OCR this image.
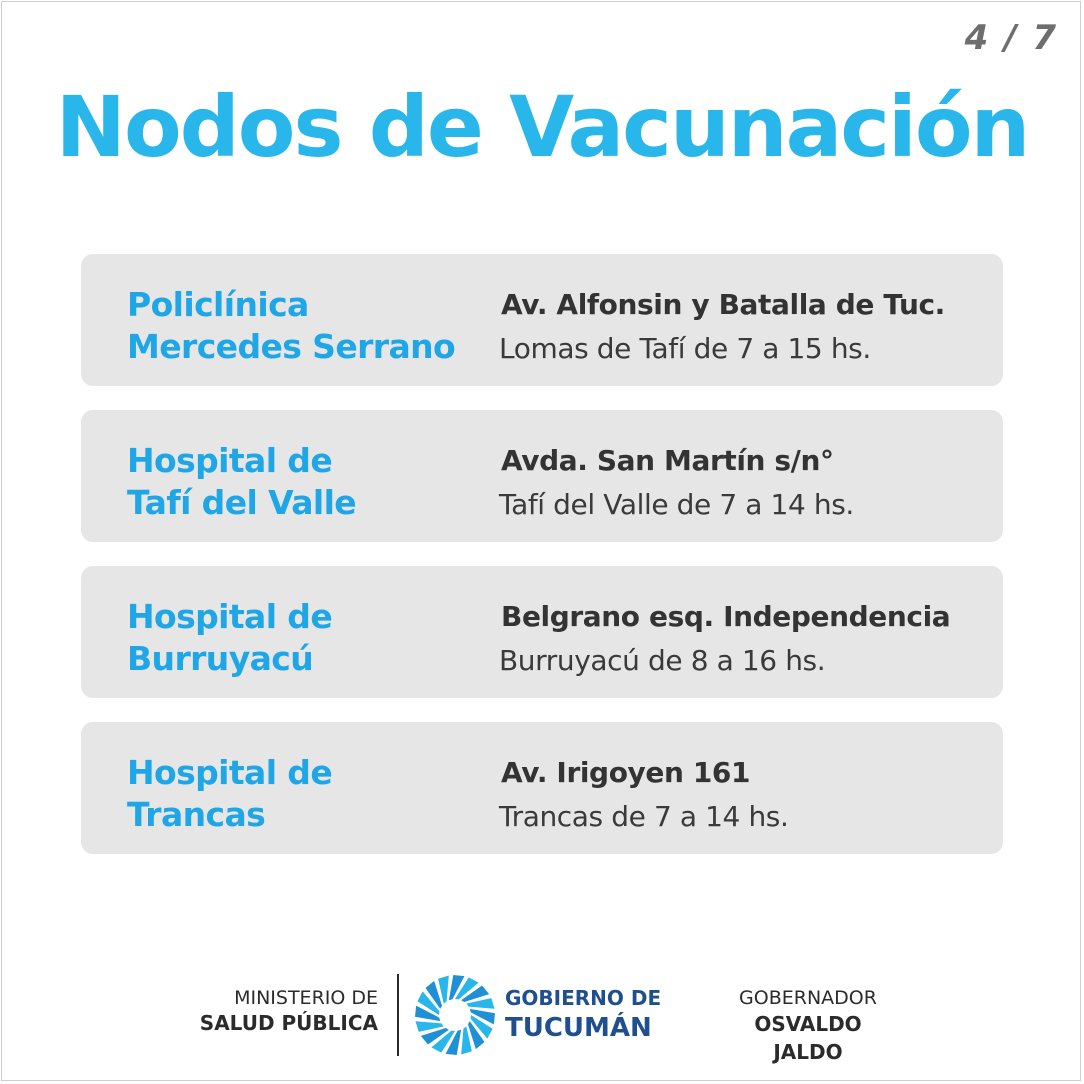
4 / 7
Nodos de Vacunación
Policlínica
Mercedes Serrano
Av. Alfonsin y Batalla de Tuc.
Lomas de Tafí de 7 a 15 hs.
Hospital de
Tafí del Valle
Avda. San Martín s/n°
Tafí del Valle de 7 a 14 hs.
Hospital de
Burruyacú
Belgrano esq. Independencia
Burruyacú de 8 a 16 hs.
Hospital de
Trancas
Av. Irigoyen 161
Trancas de 7 a 14 hs.
MINISTERIO DE
SALUD PÚBLICA
GOBIERNO DE
TUCUMÁN
GOBERNADOR
OSVALDO JALDO
